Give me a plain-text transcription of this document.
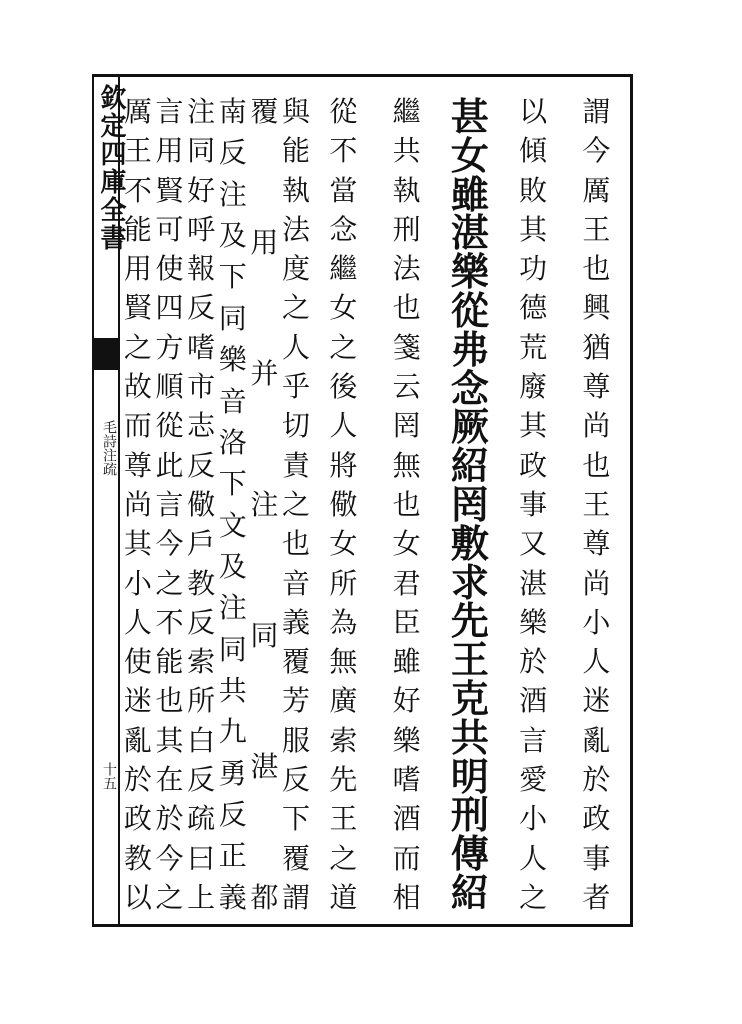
欽定四庫全書
毛詩注疏
十五
言
用
賢
可
使
四
方
順
從
此
言
今
之
不
能
也
其
在
於
今
之
厲
王
不
能
用
賢
之
故
而
尊
尚
其
小
人
使
迷
亂
於
政
教
以
南
反
注
及
下
同
樂
音
洛
下
文
及
注
同
共
九
勇
反
正
義
注
同
好
呼
報
反
嗜
市
志
反
儆
戶
教
反
索
所
白
反
疏
曰
上
與
能
執
法
度
之
人
乎
切
責
之
也
音
義
覆
芳
服
反
下
覆
謂
覆
用
并
注
同
湛
都
從
不
當
念
繼
女
之
後
人
將
儆
女
所
為
無
廣
索
先
王
之
道
繼
共
執
刑
法
也
箋
云
罔
無
也
女
君
臣
雖
好
樂
嗜
酒
而
相
甚
女
雖
湛
樂
從
弗
念
厥
紹
罔
敷
求
先
王
克
共
明
刑
傳
紹
以
傾
敗
其
功
德
荒
廢
其
政
事
又
湛
樂
於
酒
言
愛
小
人
之
謂
今
厲
王
也
興
猶
尊
尚
也
王
尊
尚
小
人
迷
亂
於
政
事
者
